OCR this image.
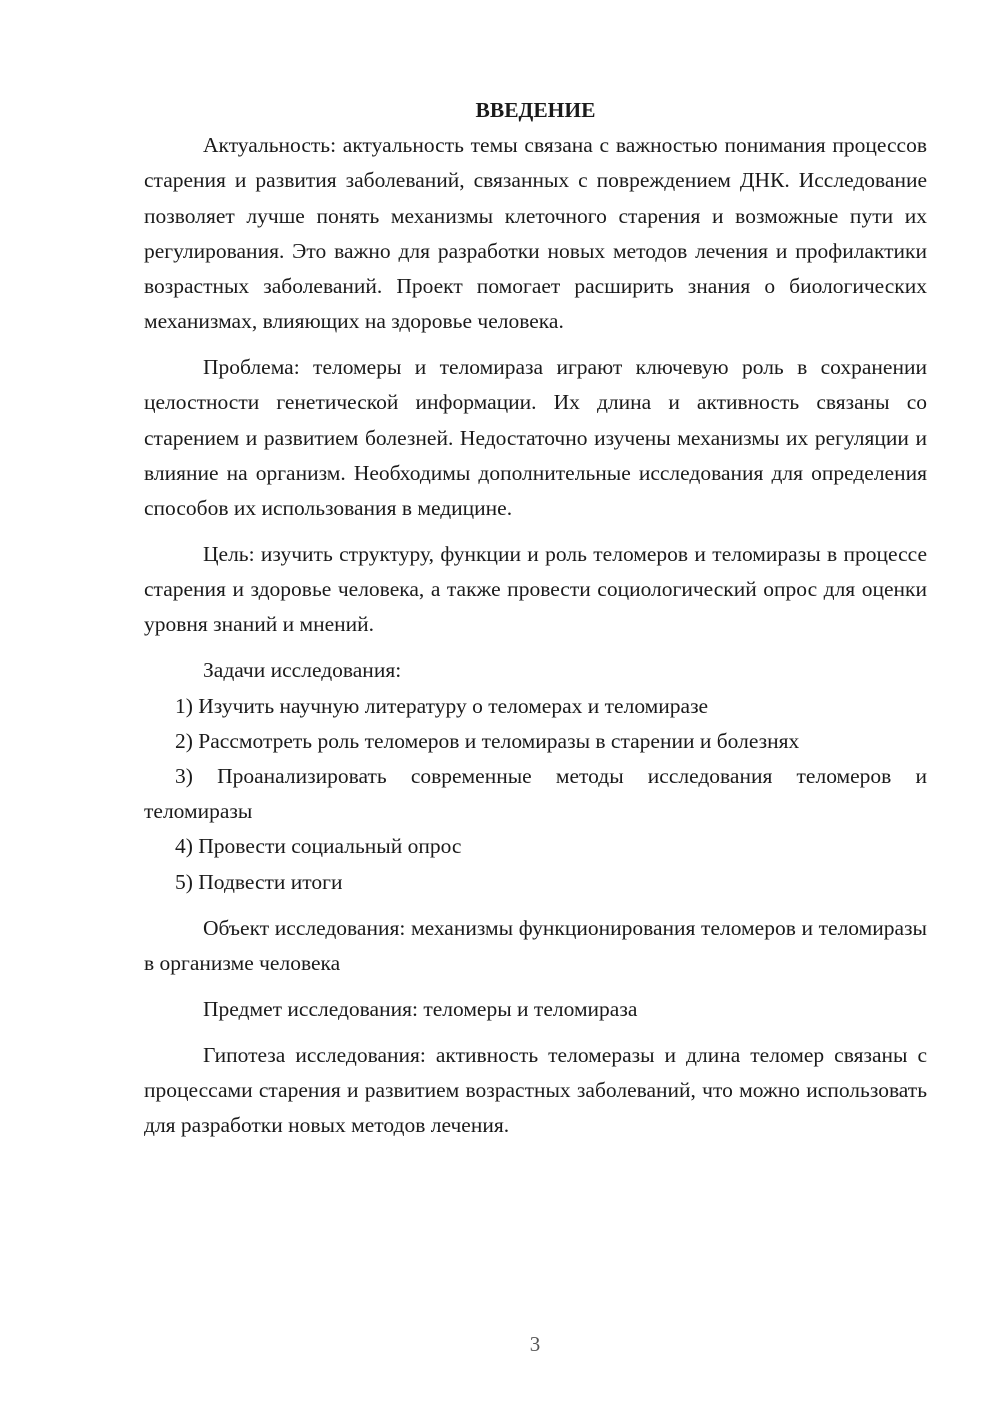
ВВЕДЕНИЕ

Актуальность: актуальность темы связана с важностью понимания процессов старения и развития заболеваний, связанных с повреждением ДНК. Исследование позволяет лучше понять механизмы клеточного старения и возможные пути их регулирования. Это важно для разработки новых методов лечения и профилактики возрастных заболеваний. Проект помогает расширить знания о биологических механизмах, влияющих на здоровье человека.

Проблема: теломеры и теломираза играют ключевую роль в сохранении целостности генетической информации. Их длина и активность связаны со старением и развитием болезней. Недостаточно изучены механизмы их регуляции и влияние на организм. Необходимы дополнительные исследования для определения способов их использования в медицине.

Цель: изучить структуру, функции и роль теломеров и теломиразы в процессе старения и здоровье человека, а также провести социологический опрос для оценки уровня знаний и мнений.

Задачи исследования:

1) Изучить научную литературу о теломерах и теломиразе

2) Рассмотреть роль теломеров и теломиразы в старении и болезнях

3) Проанализировать современные методы исследования теломеров и теломиразы

4) Провести социальный опрос

5) Подвести итоги

Объект исследования: механизмы функционирования теломеров и теломиразы в организме человека

Предмет исследования: теломеры и теломираза

Гипотеза исследования: активность теломеразы и длина теломер связаны с процессами старения и развитием возрастных заболеваний, что можно использовать для разработки новых методов лечения.

3
